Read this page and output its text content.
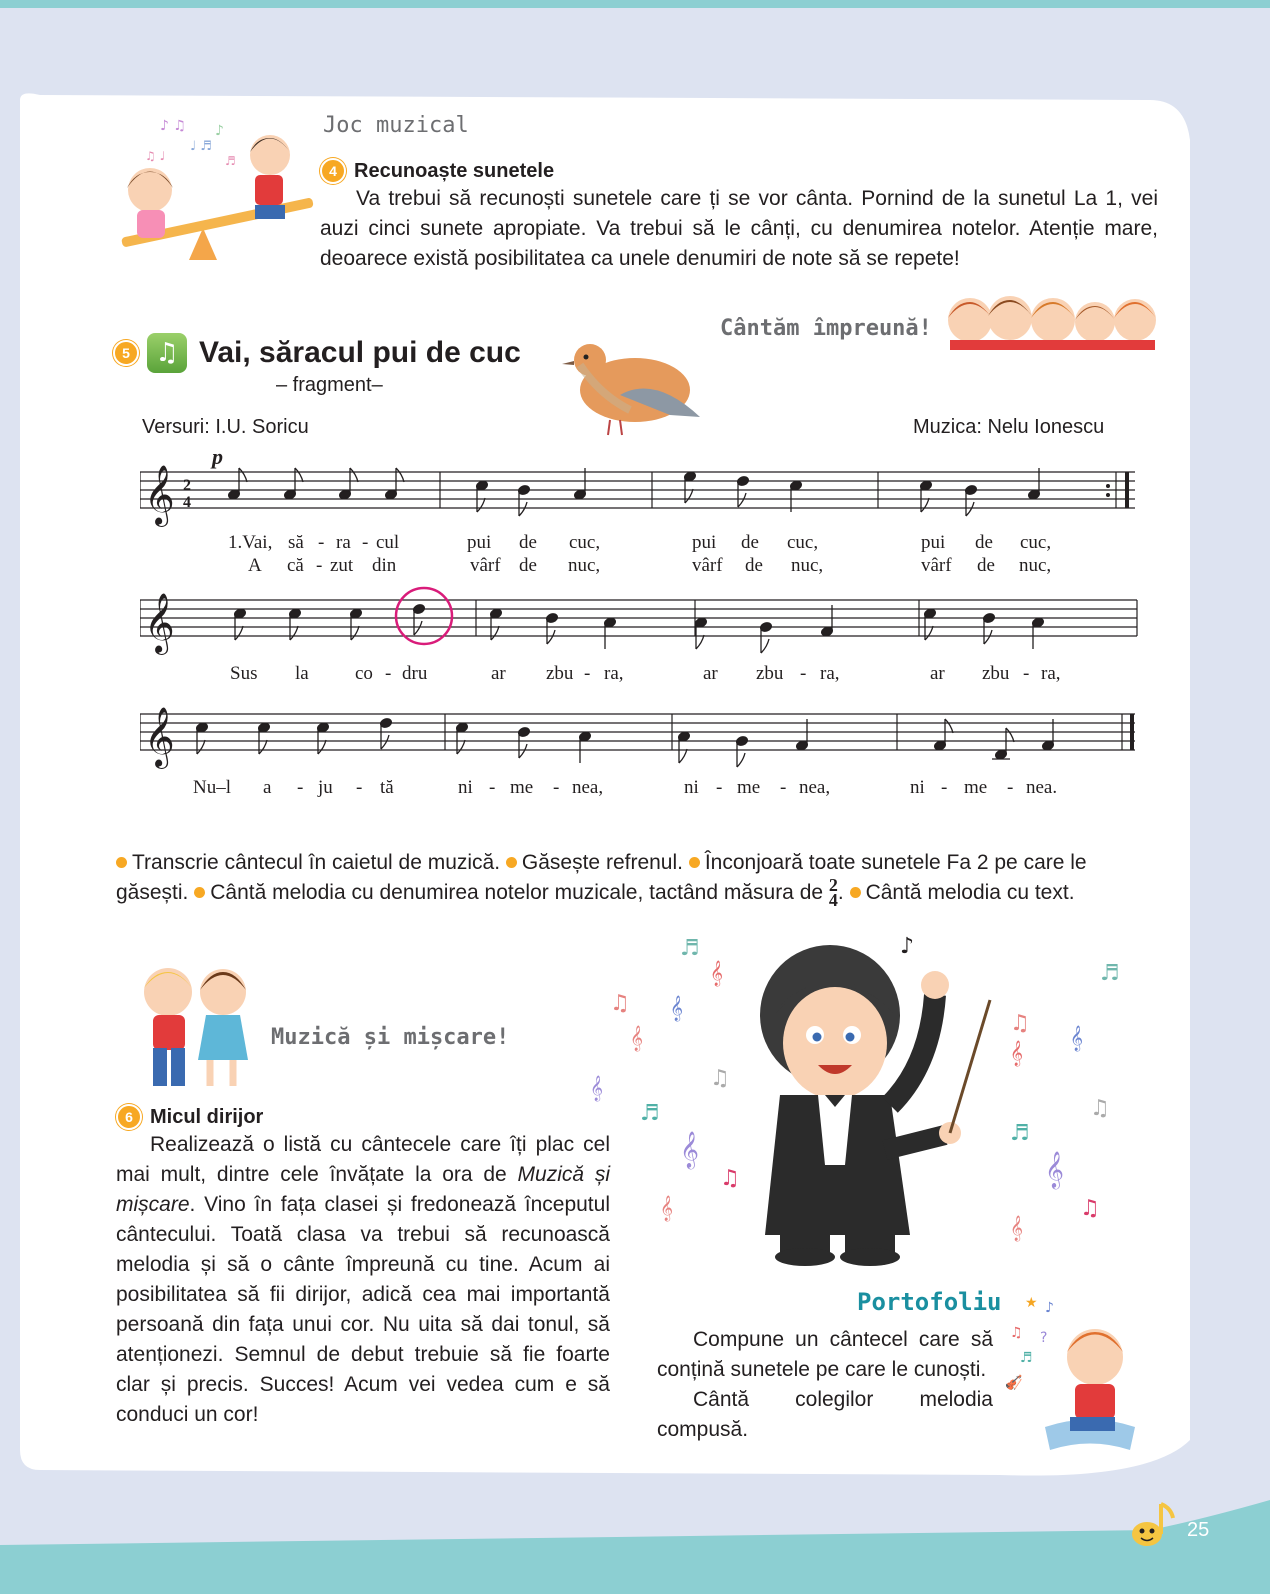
♪ ♫
♩ ♬
♪
♫ ♩	♬
Joc muzical
4 Recunoaște sunetele
Va trebui să recunoști sunetele care ți se vor cânta. Pornind de la sunetul La 1, vei auzi cinci sunete apropiate. Va trebui să le cânți, cu denumirea notelor. Atenție mare, deoarece există posibilitatea ca unele denumiri de note să se repete!
5 ♫ Vai, săracul pui de cuc
– fragment–
Cântăm împreună!
Versuri: I.U. Soricu	Muzica: Nelu Ionescu
𝄞 2
4
p
1.Vai, să - ra - cul	pui de cuc,	pui de cuc,	pui de cuc,
A că - zut din	vârf de nuc,	vârf de nuc,	vârf de nuc,
𝄞
Sus la co - dru	ar zbu - ra,	ar zbu - ra,	ar zbu - ra,
𝄞
Nu–l a - ju - tă	ni - me - nea,	ni - me - nea,	ni - me - nea.
Transcrie cântecul în caietul de muzică. Găsește refrenul. Înconjoară toate sunetele Fa 2 pe care le găsești. Cântă melodia cu denumirea notelor muzicale, tactând măsura de 2
4 . Cântă melodia cu text.
Muzică și mișcare!
6 Micul dirijor
Realizează o listă cu cântecele care îți plac cel mai mult, dintre cele învățate la ora de Muzică și mișcare. Vino în fața clasei și fredonează începutul cântecului. Toată clasa va trebui să recunoască melodia și să o cânte împreună cu tine. Acum ai posibilitatea să fii dirijor, adică cea mai importantă persoană din fața unui cor. Nu uita să dai tonul, să atenționezi. Semnul de debut trebuie să fie foarte clar și precis. Succes! Acum vei vedea cum e să conduci un cor!
♬
♫
𝄞
𝄞
𝄞
♫
𝄞
♬
𝄞
♫
𝄞
♬
♫
𝄞
𝄞
♫
♬
𝄞
♫
𝄞
♪
Portofoliu
Compune un cântecel care să conțină sunetele pe care le cunoști.
Cântă colegilor melodia compusă.
★ ♪
♫
♬
?
🎻
25
